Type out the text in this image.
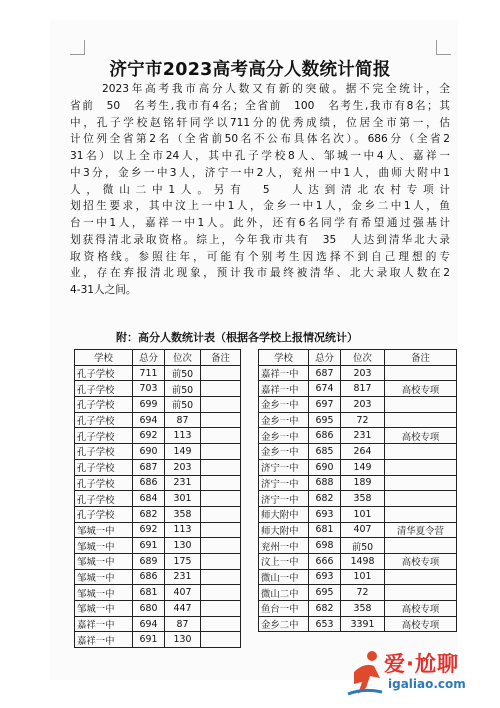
济宁市2023高考高分人数统计简报
2023年高考我市高分人数又有新的突破。据不完全统计，全
省前　50　名考生,我市有4名；全省前　100　名考生,我市有8名；其
中，孔子学校赵铭轩同学以711分的优秀成绩，位居全市第一，估
计位列全省第2名（全省前50名不公布具体名次）。686分（全省2
31名）以上全市24人，其中孔子学校8人、邹城一中4人、嘉祥一
中3分，金乡一中3人，济宁一中2人，兖州一中1人，曲师大附中1
人，微山二中1人。另有　5　人达到清北农村专项计
划招生要求，其中汶上一中1人，金乡一中1人，金乡二中1人，鱼
台一中1人，嘉祥一中1人。此外，还有6名同学有希望通过强基计
划获得清北录取资格。综上，今年我市共有　35　人达到清华北大录
取资格线。参照往年，可能有个别考生因选择不到自己理想的专
业，存在弃报清北现象，预计我市最终被清华、北大录取人数在2
4-31人之间。
附：高分人数统计表（根据各学校上报情况统计）
学校	总分	位次	备注
孔子学校	711	前50	
孔子学校	703	前50	
孔子学校	699	前50	
孔子学校	694	87	
孔子学校	692	113	
孔子学校	690	149	
孔子学校	687	203	
孔子学校	686	231	
孔子学校	684	301	
孔子学校	682	358	
邹城一中	692	113	
邹城一中	691	130	
邹城一中	689	175	
邹城一中	686	231	
邹城一中	681	407	
邹城一中	680	447	
嘉祥一中	694	87	
嘉祥一中	691	130	
学校	总分	位次	备注
嘉祥一中	687	203	
嘉祥一中	674	817	高校专项
金乡一中	697	203	
金乡一中	695	72	
金乡一中	686	231	高校专项
金乡一中	685	264	
济宁一中	690	149	
济宁一中	688	189	
济宁一中	682	358	
师大附中	693	101	
师大附中	681	407	清华夏令营
兖州一中	698	前50	
汶上一中	666	1498	高校专项
微山一中	693	101	
微山二中	695	72	
鱼台一中	682	358	高校专项
金乡二中	653	3391	高校专项
爱·尬聊
igaliao.com
